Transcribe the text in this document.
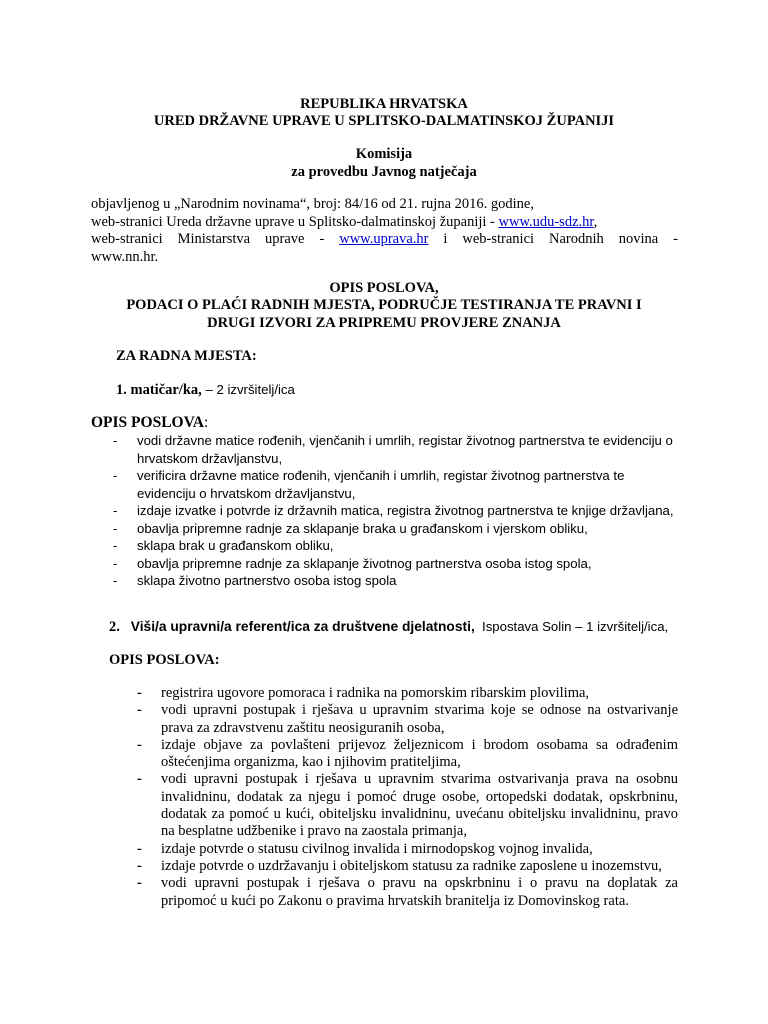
REPUBLIKA HRVATSKA
URED DRŽAVNE UPRAVE U SPLITSKO-DALMATINSKOJ ŽUPANIJI
Komisija
za provedbu Javnog natječaja
objavljenog u „Narodnim novinama“, broj: 84/16 od 21. rujna 2016. godine,
web-stranici Ureda državne uprave u Splitsko-dalmatinskoj županiji - www.udu-sdz.hr,
web-stranici Ministarstva uprave - www.uprava.hr i web-stranici Narodnih novina -
www.nn.hr.
OPIS POSLOVA,
PODACI O PLAĆI RADNIH MJESTA, PODRUČJE TESTIRANJA TE PRAVNI I
DRUGI IZVORI ZA PRIPREMU PROVJERE ZNANJA
ZA RADNA MJESTA:
1. matičar/ka, – 2 izvršitelj/ica
OPIS POSLOVA:
- vodi državne matice rođenih, vjenčanih i umrlih, registar životnog partnerstva te evidenciju o hrvatskom državljanstvu,
- verificira državne matice rođenih, vjenčanih i umrlih, registar životnog partnerstva te evidenciju o hrvatskom državljanstvu,
- izdaje izvatke i potvrde iz državnih matica, registra životnog partnerstva te knjige državljana,
- obavlja pripremne radnje za sklapanje braka u građanskom i vjerskom obliku,
- sklapa brak u građanskom obliku,
- obavlja pripremne radnje za sklapanje životnog partnerstva osoba istog spola,
- sklapa životno partnerstvo osoba istog spola
2. Viši/a upravni/a referent/ica za društvene djelatnosti, Ispostava Solin – 1 izvršitelj/ica,
OPIS POSLOVA:
- registrira ugovore pomoraca i radnika na pomorskim ribarskim plovilima,
- vodi upravni postupak i rješava u upravnim stvarima koje se odnose na ostvarivanje prava za zdravstvenu zaštitu neosiguranih osoba,
- izdaje objave za povlašteni prijevoz željeznicom i brodom osobama sa odrađenim oštećenjima organizma, kao i njihovim pratiteljima,
- vodi upravni postupak i rješava u upravnim stvarima ostvarivanja prava na osobnu invalidninu, dodatak za njegu i pomoć druge osobe, ortopedski dodatak, opskrbninu, dodatak za pomoć u kući, obiteljsku invalidninu, uvećanu obiteljsku invalidninu, pravo na besplatne udžbenike i pravo na zaostala primanja,
- izdaje potvrde o statusu civilnog invalida i mirnodopskog vojnog invalida,
- izdaje potvrde o uzdržavanju i obiteljskom statusu za radnike zaposlene u inozemstvu,
- vodi upravni postupak i rješava o pravu na opskrbninu i o pravu na doplatak za pripomoć u kući po Zakonu o pravima hrvatskih branitelja iz Domovinskog rata.
